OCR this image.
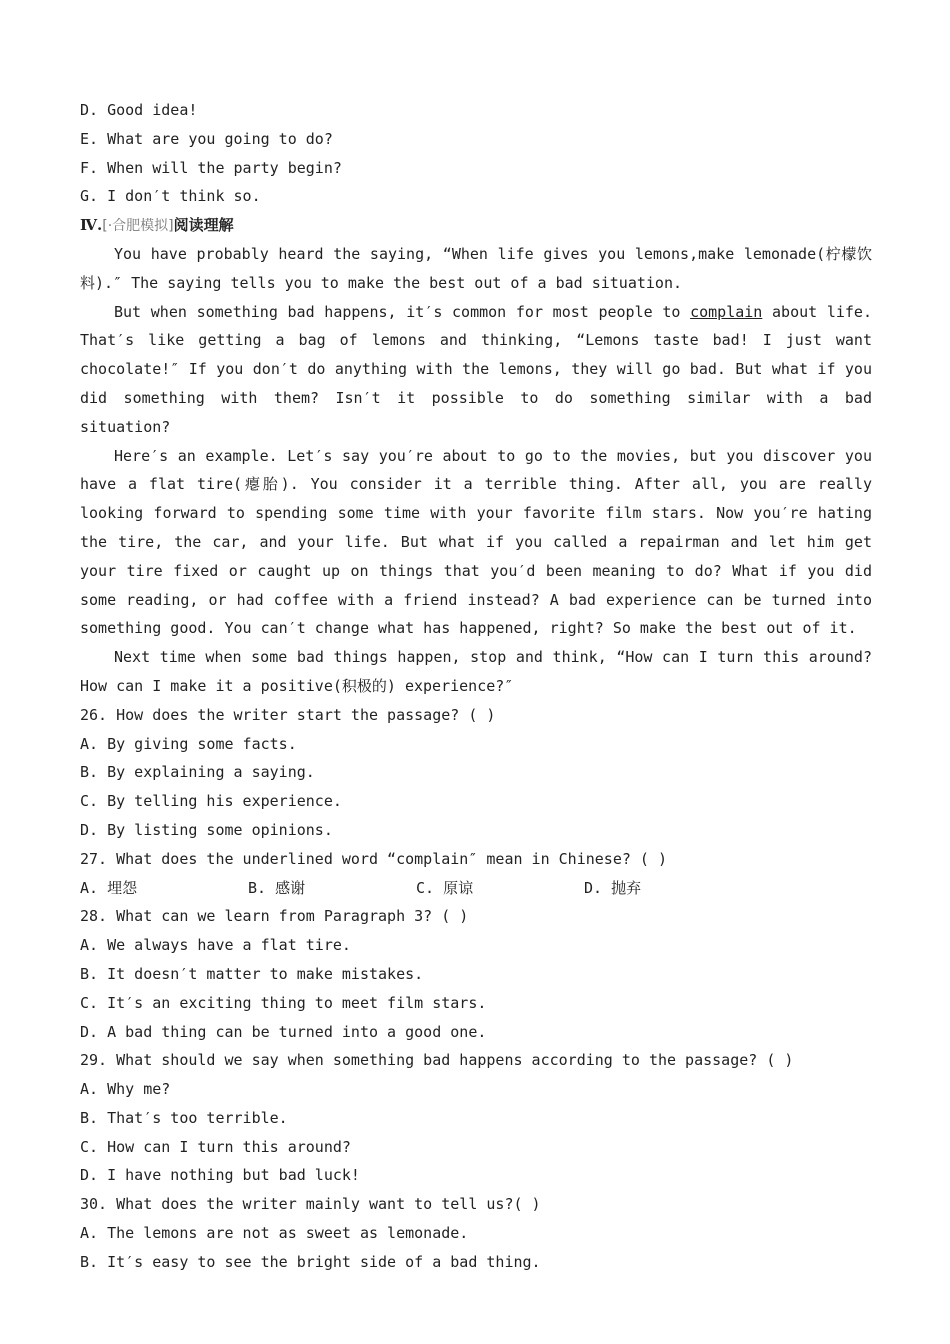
D. Good idea!
E. What are you going to do?
F. When will the party begin?
G. I don′t think so.
Ⅳ.[·合肥模拟]阅读理解

You have probably heard the saying, “When life gives you lemons,make lemonade(柠檬饮料).″ The saying tells you to make the best out of a bad situation.

But when something bad happens, it′s common for most people to complain about life. That′s like getting a bag of lemons and thinking, “Lemons taste bad! I just want chocolate!″ If you don′t do anything with the lemons, they will go bad. But what if you did something with them? Isn′t it possible to do something similar with a bad situation?

Here′s an example. Let′s say you′re about to go to the movies, but you discover you have a flat tire(瘪胎). You consider it a terrible thing. After all, you are really looking forward to spending some time with your favorite film stars. Now you′re hating the tire, the car, and your life. But what if you called a repairman and let him get your tire fixed or caught up on things that you′d been meaning to do? What if you did some reading, or had coffee with a friend instead? A bad experience can be turned into something good. You can′t change what has happened, right? So make the best out of it.

Next time when some bad things happen, stop and think, “How can I turn this around? How can I make it a positive(积极的) experience?″

26. How does the writer start the passage? ( )
A. By giving some facts.
B. By explaining a saying.
C. By telling his experience.
D. By listing some opinions.
27. What does the underlined word “complain″ mean in Chinese? ( )
A. 埋怨	B. 感谢	C. 原谅	D. 抛弃
28. What can we learn from Paragraph 3? ( )
A. We always have a flat tire.
B. It doesn′t matter to make mistakes.
C. It′s an exciting thing to meet film stars.
D. A bad thing can be turned into a good one.
29. What should we say when something bad happens according to the passage? ( )
A. Why me?
B. That′s too terrible.
C. How can I turn this around?
D. I have nothing but bad luck!
30. What does the writer mainly want to tell us?( )
A. The lemons are not as sweet as lemonade.
B. It′s easy to see the bright side of a bad thing.
